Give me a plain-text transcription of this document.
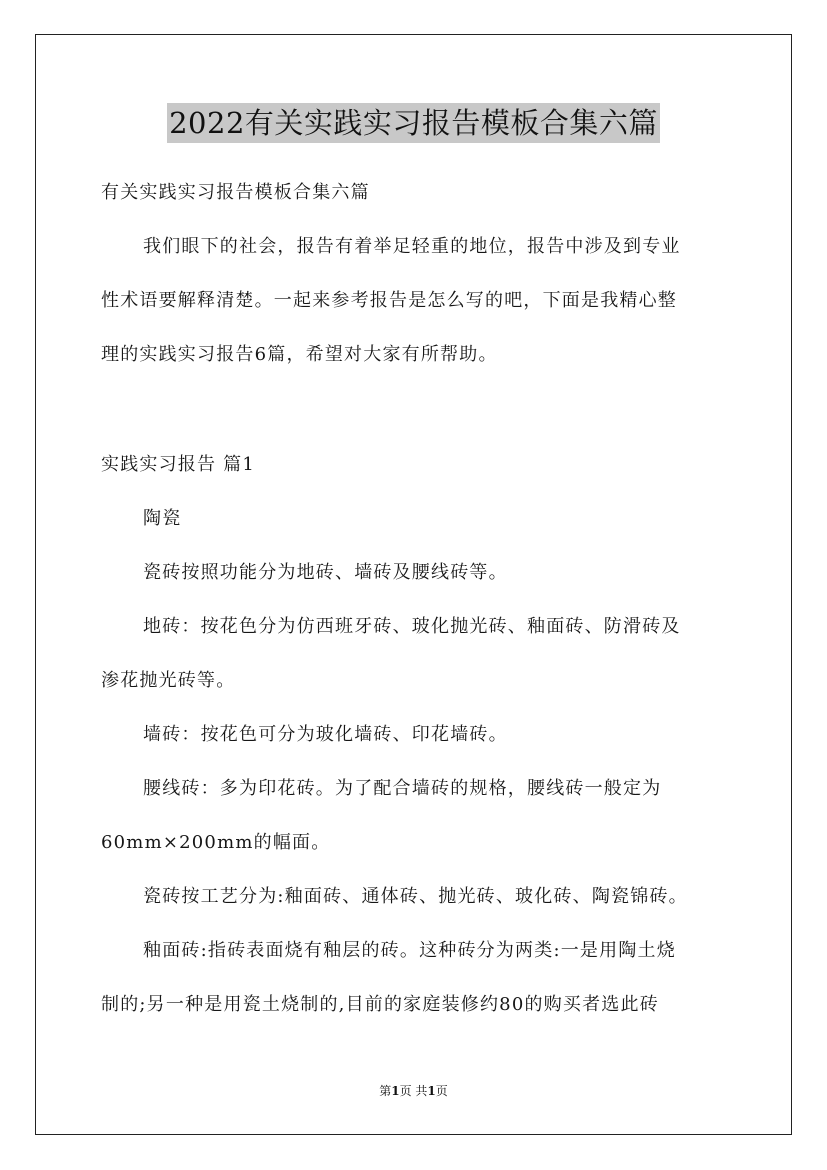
2022有关实践实习报告模板合集六篇
有关实践实习报告模板合集六篇
我们眼下的社会，报告有着举足轻重的地位，报告中涉及到专业
性术语要解释清楚。一起来参考报告是怎么写的吧，下面是我精心整
理的实践实习报告6篇，希望对大家有所帮助。
实践实习报告 篇1
陶瓷
瓷砖按照功能分为地砖、墙砖及腰线砖等。
地砖：按花色分为仿西班牙砖、玻化抛光砖、釉面砖、防滑砖及
渗花抛光砖等。
墙砖：按花色可分为玻化墙砖、印花墙砖。
腰线砖：多为印花砖。为了配合墙砖的规格，腰线砖一般定为
60mm×200mm的幅面。
瓷砖按工艺分为:釉面砖、通体砖、抛光砖、玻化砖、陶瓷锦砖。
釉面砖:指砖表面烧有釉层的砖。这种砖分为两类:一是用陶土烧
制的;另一种是用瓷土烧制的,目前的家庭装修约80的购买者选此砖
第1页 共1页
